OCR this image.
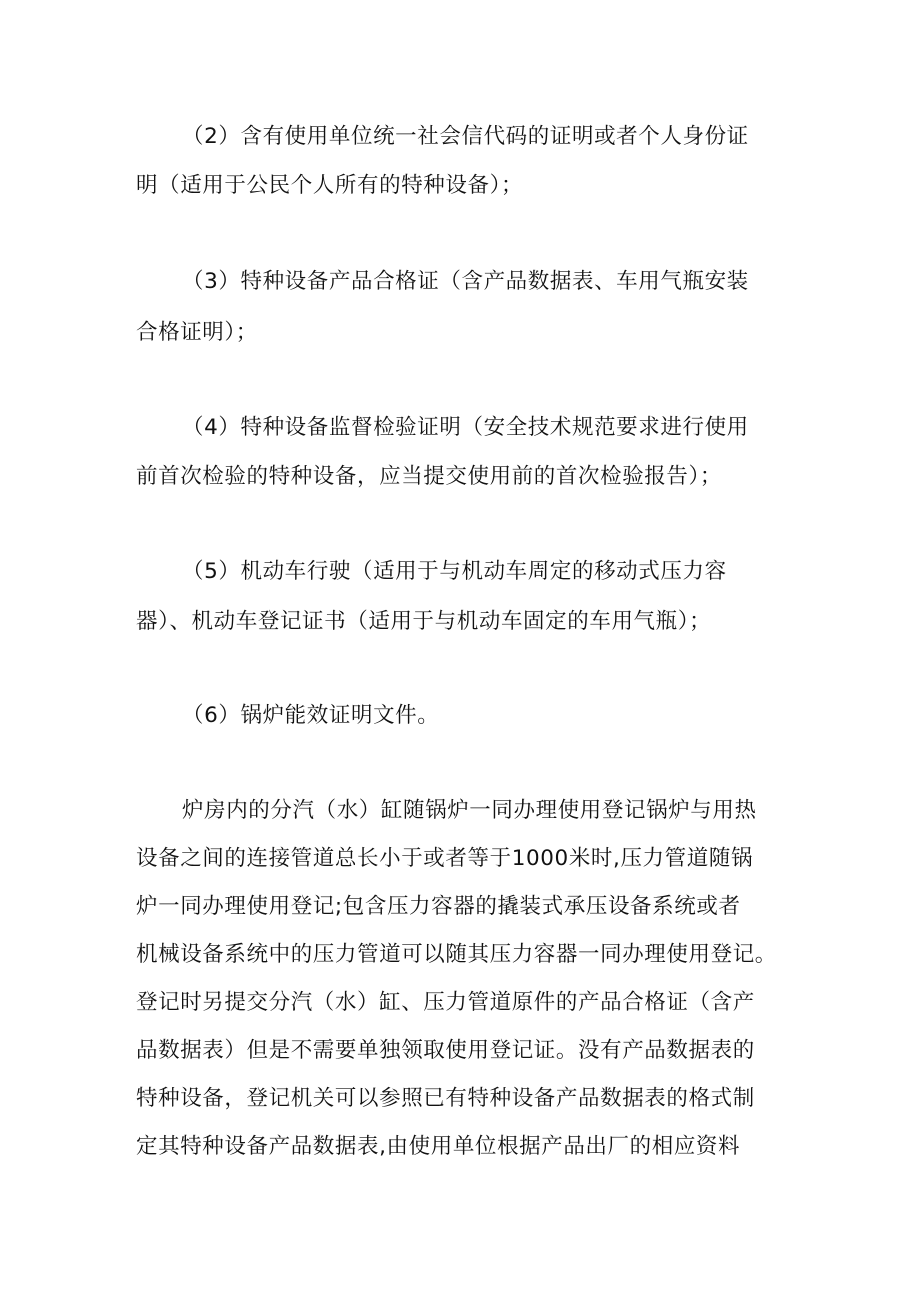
（2）含有使用单位统一社会信代码的证明或者个人身份证
明（适用于公民个人所有的特种设备）；
（3）特种设备产品合格证（含产品数据表、车用气瓶安装
合格证明）；
（4）特种设备监督检验证明（安全技术规范要求进行使用
前首次检验的特种设备，应当提交使用前的首次检验报告）；
（5）机动车行驶（适用于与机动车周定的移动式压力容
器）、机动车登记证书（适用于与机动车固定的车用气瓶）；
（6）锅炉能效证明文件。
炉房内的分汽（水）缸随锅炉一同办理使用登记锅炉与用热
设备之间的连接管道总长小于或者等于1000米时,压力管道随锅
炉一同办理使用登记;包含压力容器的撬装式承压设备系统或者
机械设备系统中的压力管道可以随其压力容器一同办理使用登记。
登记时另提交分汽（水）缸、压力管道原件的产品合格证（含产
品数据表）但是不需要单独领取使用登记证。没有产品数据表的
特种设备，登记机关可以参照已有特种设备产品数据表的格式制
定其特种设备产品数据表,由使用单位根据产品出厂的相应资料
